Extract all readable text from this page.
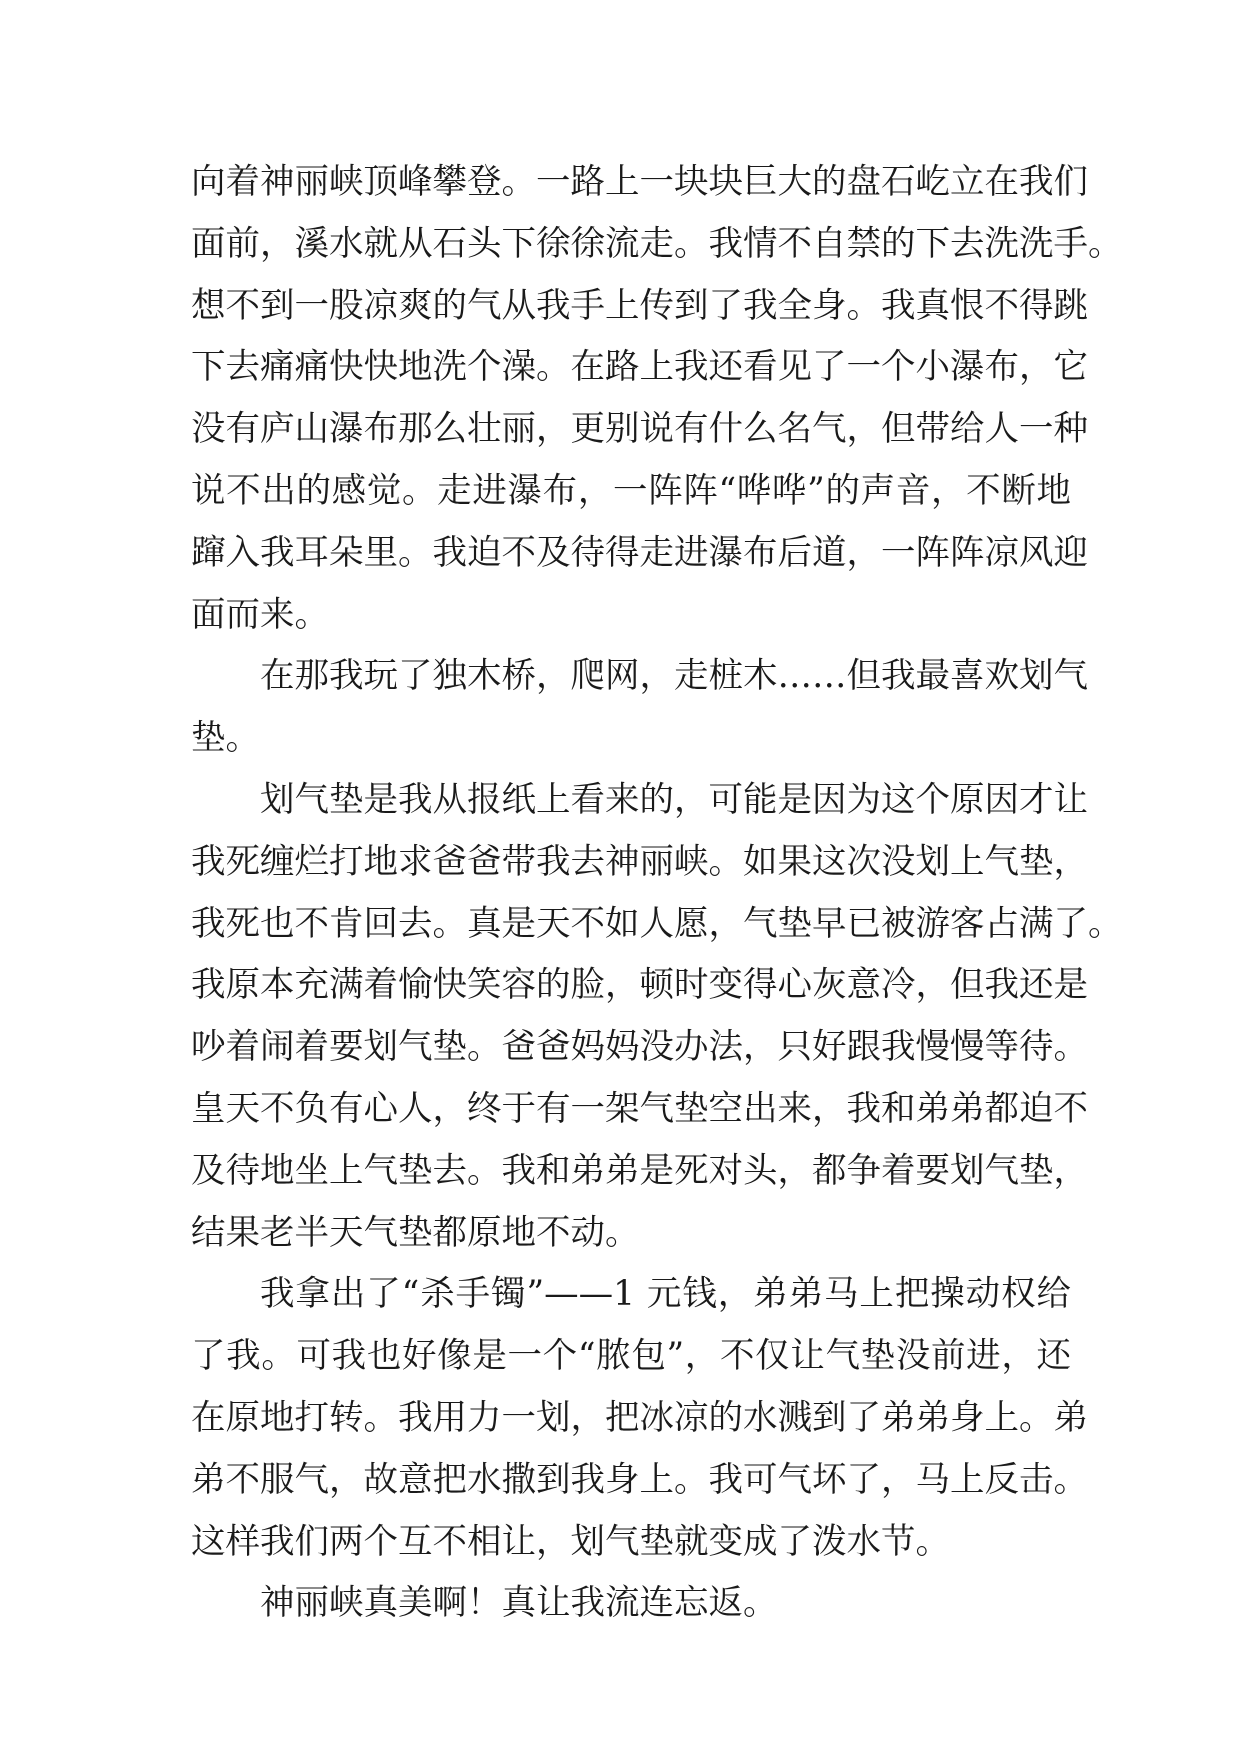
向着神丽峡顶峰攀登。一路上一块块巨大的盘石屹立在我们
面前，溪水就从石头下徐徐流走。我情不自禁的下去洗洗手。
想不到一股凉爽的气从我手上传到了我全身。我真恨不得跳
下去痛痛快快地洗个澡。在路上我还看见了一个小瀑布，它
没有庐山瀑布那么壮丽，更别说有什么名气，但带给人一种
说不出的感觉。走进瀑布，一阵阵“哗哗”的声音，不断地
蹿入我耳朵里。我迫不及待得走进瀑布后道，一阵阵凉风迎
面而来。
在那我玩了独木桥，爬网，走桩木……但我最喜欢划气
垫。
划气垫是我从报纸上看来的，可能是因为这个原因才让
我死缠烂打地求爸爸带我去神丽峡。如果这次没划上气垫，
我死也不肯回去。真是天不如人愿，气垫早已被游客占满了。
我原本充满着愉快笑容的脸，顿时变得心灰意冷，但我还是
吵着闹着要划气垫。爸爸妈妈没办法，只好跟我慢慢等待。
皇天不负有心人，终于有一架气垫空出来，我和弟弟都迫不
及待地坐上气垫去。我和弟弟是死对头，都争着要划气垫，
结果老半天气垫都原地不动。
我拿出了“杀手镯”——1 元钱，弟弟马上把操动权给
了我。可我也好像是一个“脓包”，不仅让气垫没前进，还
在原地打转。我用力一划，把冰凉的水溅到了弟弟身上。弟
弟不服气，故意把水撒到我身上。我可气坏了，马上反击。
这样我们两个互不相让，划气垫就变成了泼水节。
神丽峡真美啊！真让我流连忘返。
